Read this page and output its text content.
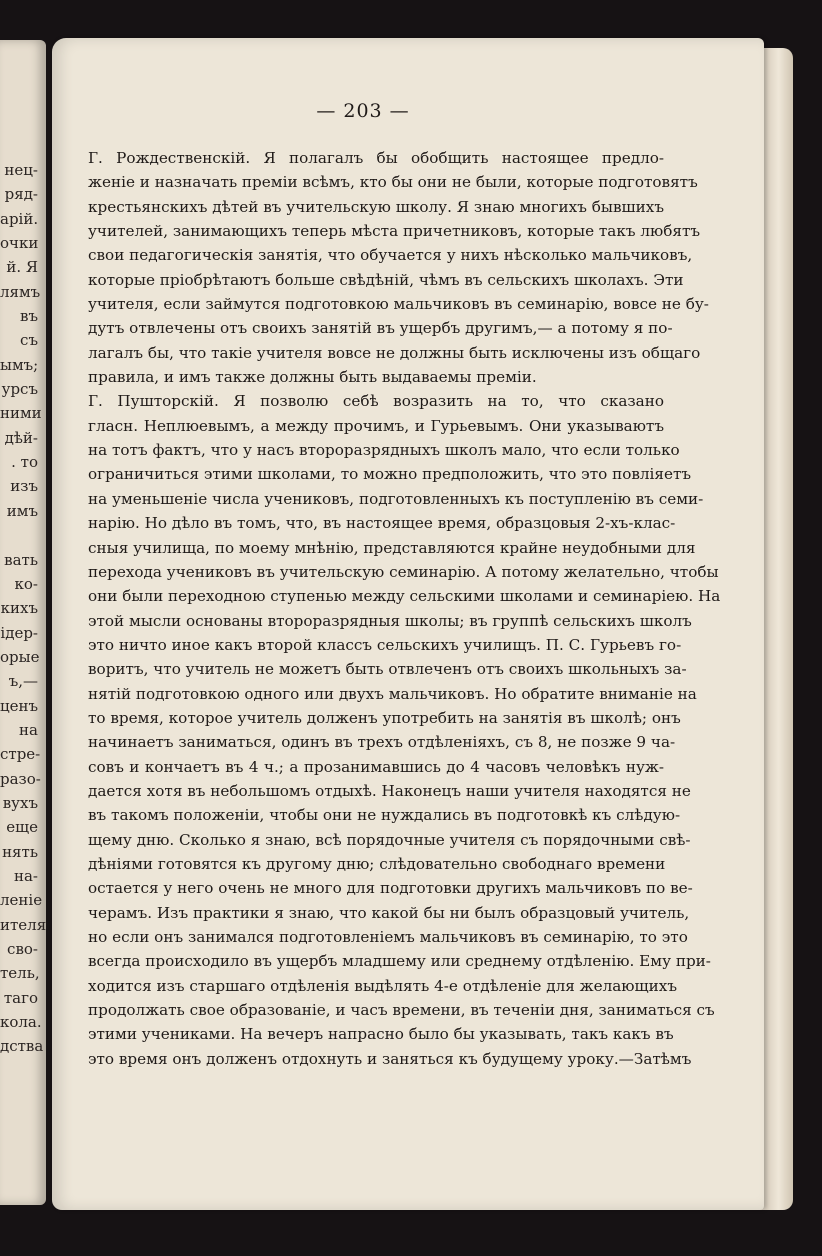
нец-
ряд-
арій.
очки
й. Я
лямъ
въ
съ
ымъ;
урсъ
ними
дѣй-
. то
изъ
имъ
вать
ко-
кихъ
ідер-
орые
ъ,—
ценъ
на
стре-
разо-
вухъ
еще
нять
на-
ленiе
ителя
сво-
тель,
тaго
кола.
дства
— 203 —
Г. Рождественскій. Я полагалъ бы обобщить настоящее предло-
женіе и назначать преміи всѣмъ, кто бы они не были, которые подготовятъ
крестьянскихъ дѣтей въ учительскую школу. Я знаю многихъ бывшихъ
учителей, занимающихъ теперь мѣста причетниковъ, которые такъ любятъ
свои педагогическія занятія, что обучается у нихъ нѣсколько мальчиковъ,
которые пріобрѣтаютъ больше свѣдѣній, чѣмъ въ сельскихъ школахъ. Эти
учителя, если займутся подготовкою мальчиковъ въ семинарію, вовсе не бу-
дутъ отвлечены отъ своихъ занятій въ ущербъ другимъ,— а потому я по-
лагалъ бы, что такіе учителя вовсе не должны быть исключены изъ общаго
правила, и имъ также должны быть выдаваемы преміи.
Г. Пушторскій. Я позволю себѣ возразить на то, что сказано
гласн. Неплюевымъ, а между прочимъ, и Гурьевымъ. Они указываютъ
на тотъ фактъ, что у насъ второразрядныхъ школъ мало, что если только
ограничиться этими школами, то можно предположить, что это повліяетъ
на уменьшеніе числа учениковъ, подготовленныхъ къ поступленію въ семи-
нарію. Но дѣло въ томъ, что, въ настоящее время, образцовыя 2-хъ-клас-
сныя училища, по моему мнѣнію, представляются крайне неудобными для
перехода учениковъ въ учительскую семинарію. А потому желательно, чтобы
они были переходною ступенью между сельскими школами и семинаріею. На
этой мысли основаны второразрядныя школы; въ группѣ сельскихъ школъ
это ничто иное какъ второй классъ сельскихъ училищъ. П. С. Гурьевъ го-
воритъ, что учитель не можетъ быть отвлеченъ отъ своихъ школьныхъ за-
нятій подготовкою одного или двухъ мальчиковъ. Но обратите вниманіе на
то время, которое учитель долженъ употребить на занятія въ школѣ; онъ
начинаетъ заниматься, одинъ въ трехъ отдѣленіяхъ, съ 8, не позже 9 ча-
совъ и кончаетъ въ 4 ч.; а прозанимавшись до 4 часовъ человѣкъ нуж-
дается хотя въ небольшомъ отдыхѣ. Наконецъ наши учителя находятся не
въ такомъ положеніи, чтобы они не нуждались въ подготовкѣ къ слѣдую-
щему дню. Сколько я знаю, всѣ порядочные учителя съ порядочными свѣ-
дѣніями готовятся къ другому дню; слѣдовательно свободнаго времени
остается у него очень не много для подготовки другихъ мальчиковъ по ве-
черамъ. Изъ практики я знаю, что какой бы ни былъ образцовый учитель,
но если онъ занимался подготовленіемъ мальчиковъ въ семинарію, то это
всегда происходило въ ущербъ младшему или среднему отдѣленію. Ему при-
ходится изъ старшаго отдѣленія выдѣлять 4-е отдѣленіе для желающихъ
продолжать свое образованіе, и часъ времени, въ теченіи дня, заниматься съ
этими учениками. На вечеръ напрасно было бы указывать, такъ какъ въ
это время онъ долженъ отдохнуть и заняться къ будущему уроку.—Затѣмъ
